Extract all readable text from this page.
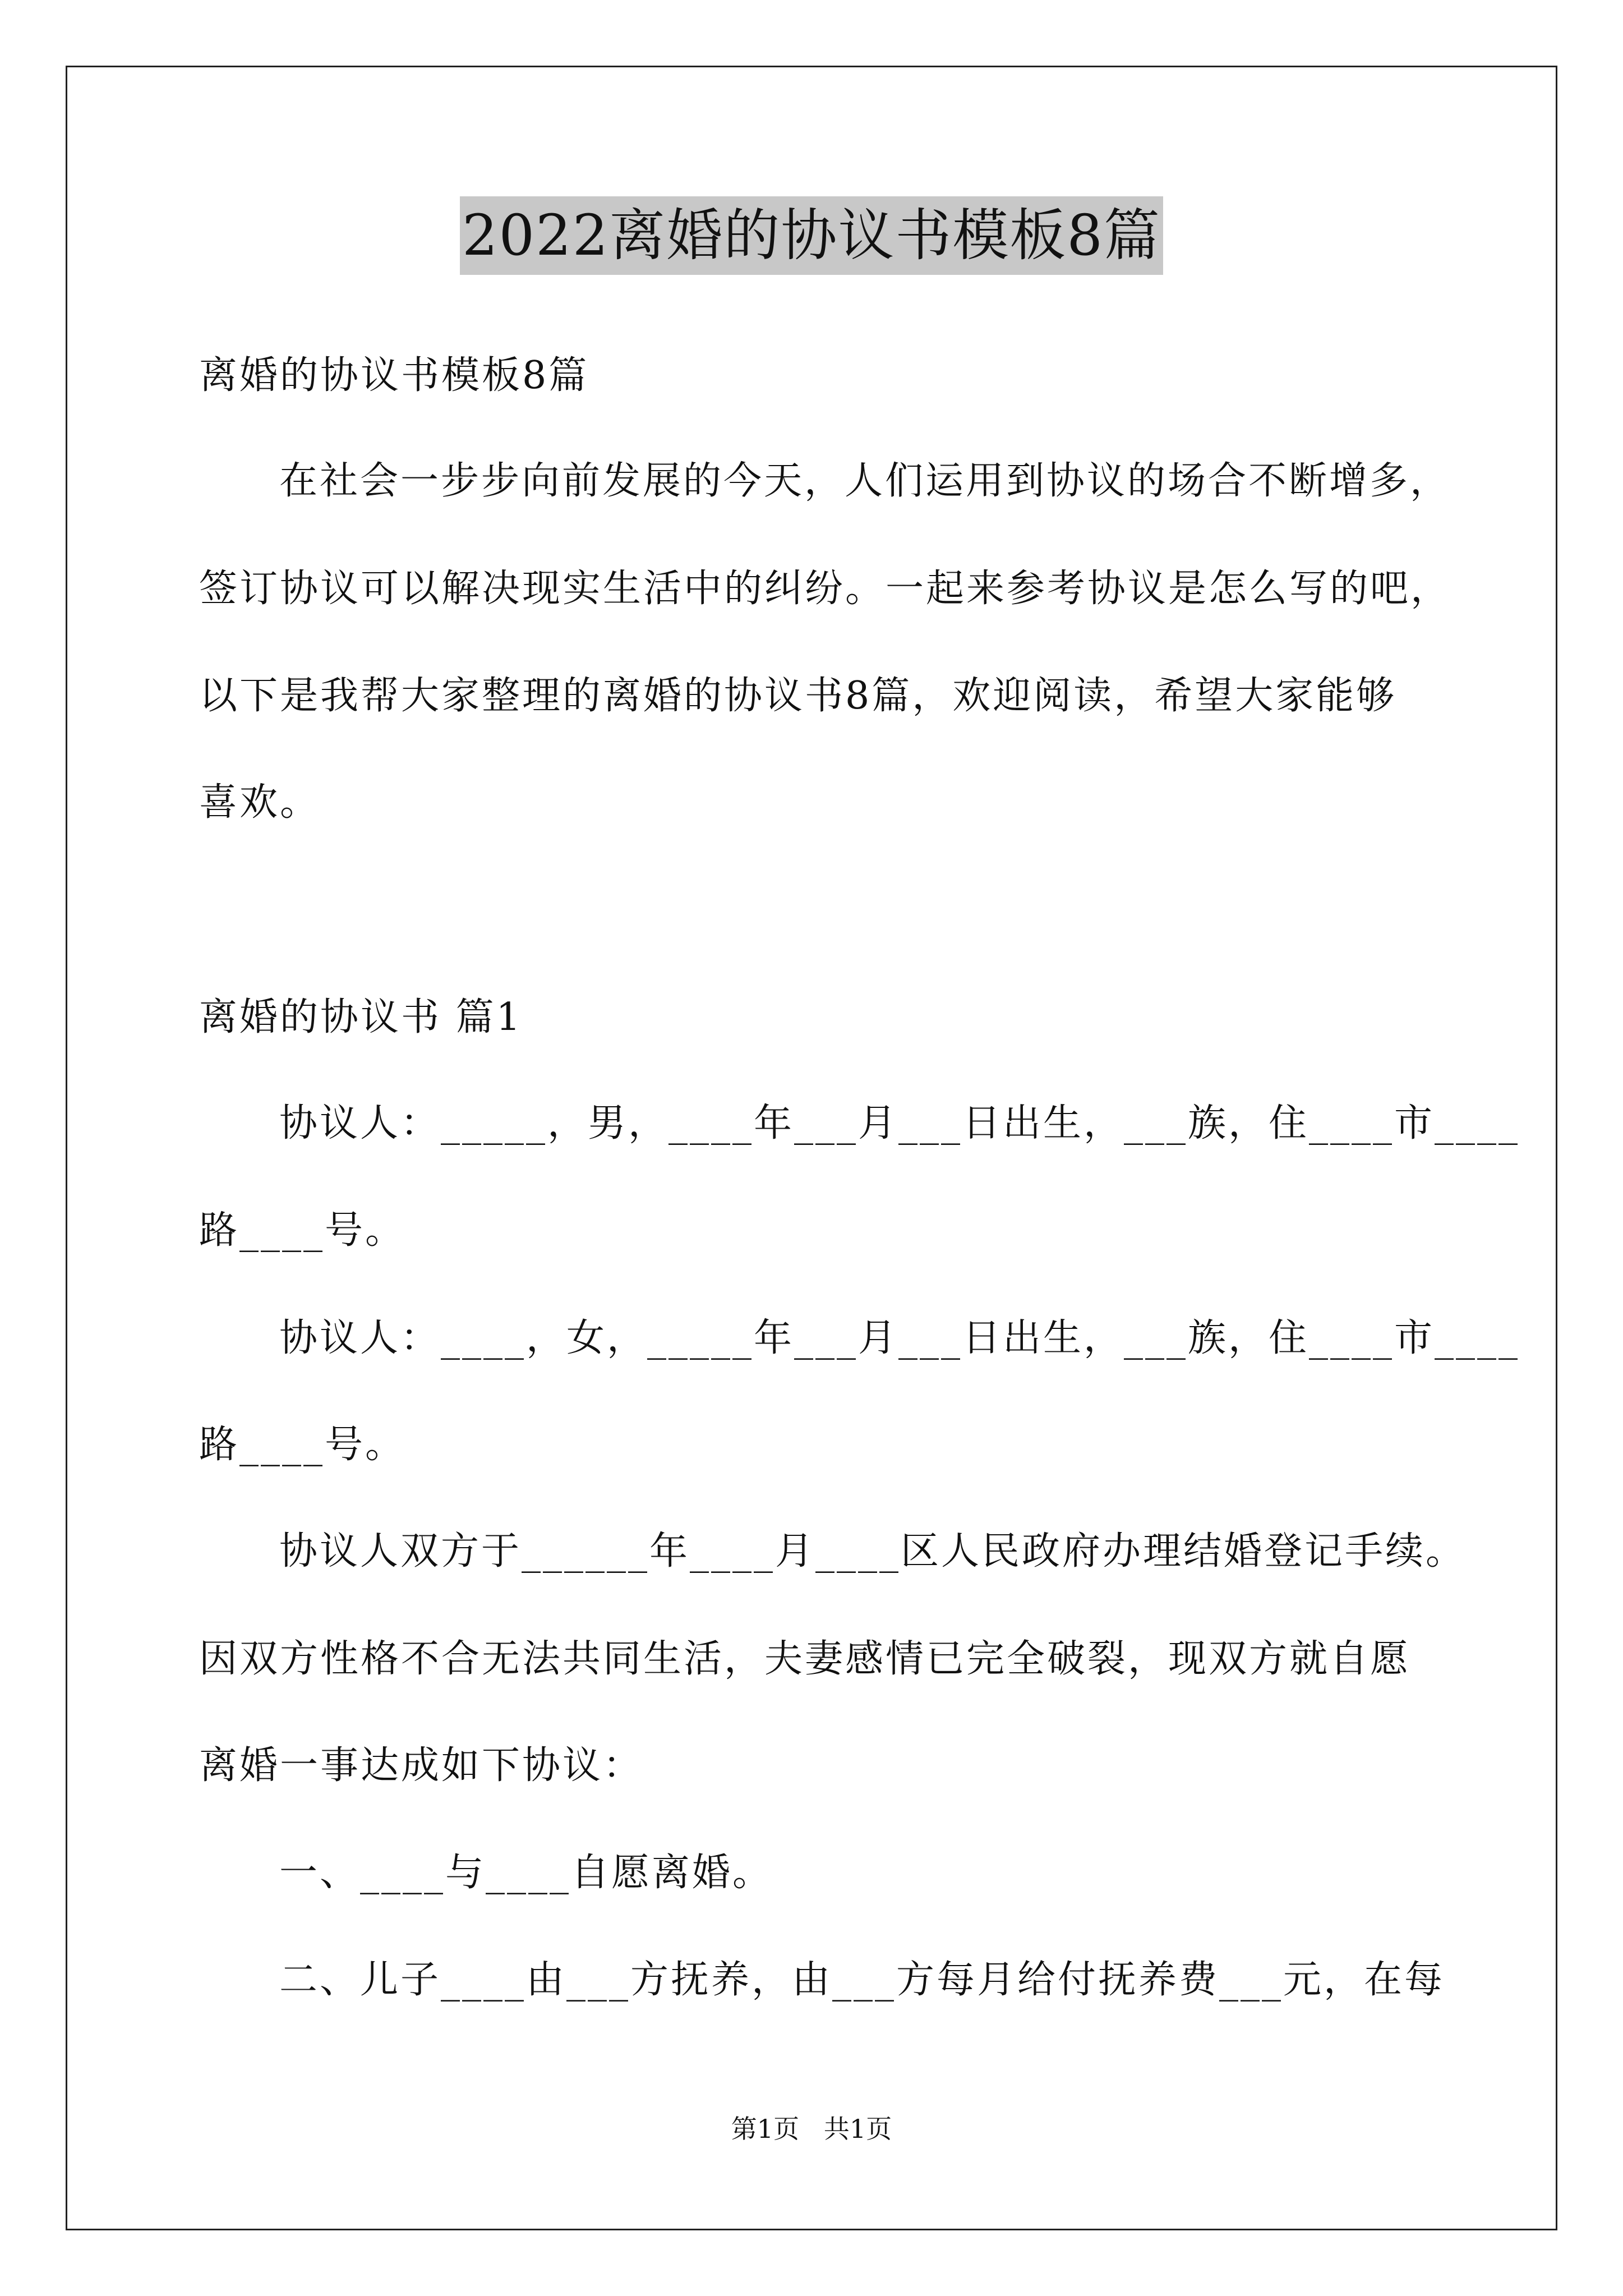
2022离婚的协议书模板8篇
离婚的协议书模板8篇
在社会一步步向前发展的今天，人们运用到协议的场合不断增多，
签订协议可以解决现实生活中的纠纷。一起来参考协议是怎么写的吧，
以下是我帮大家整理的离婚的协议书8篇，欢迎阅读，希望大家能够
喜欢。
离婚的协议书 篇1
协议人：_____，男，____年___月___日出生，___族，住____市____
路____号。
协议人：____，女，_____年___月___日出生，___族，住____市____
路____号。
协议人双方于______年____月____区人民政府办理结婚登记手续。
因双方性格不合无法共同生活，夫妻感情已完全破裂，现双方就自愿
离婚一事达成如下协议：
一、____与____自愿离婚。
二、儿子____由___方抚养，由___方每月给付抚养费___元，在每
第1页   共1页
